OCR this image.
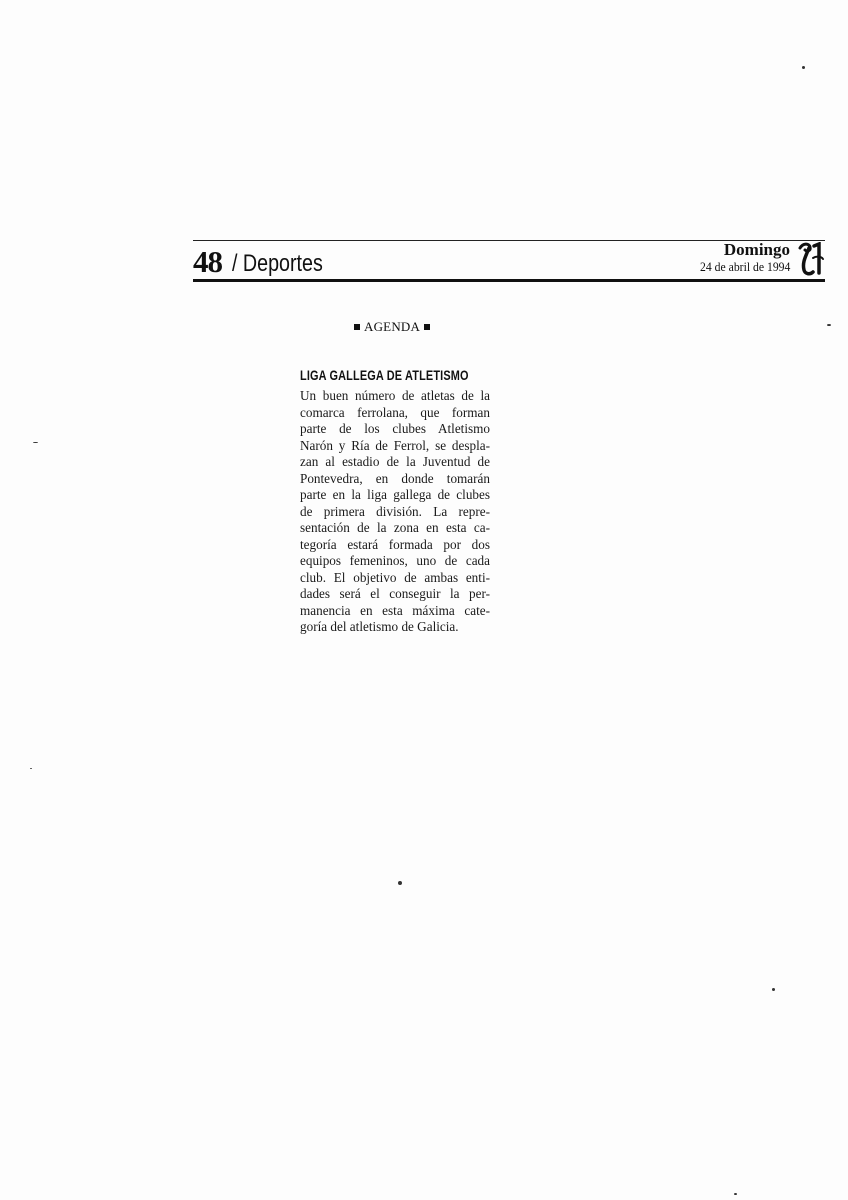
48 / Deportes
Domingo
24 de abril de 1994
AGENDA
LIGA GALLEGA DE ATLETISMO
Un buen número de atletas de la
comarca ferrolana, que forman
parte de los clubes Atletismo
Narón y Ría de Ferrol, se despla-
zan al estadio de la Juventud de
Pontevedra, en donde tomarán
parte en la liga gallega de clubes
de primera división. La repre-
sentación de la zona en esta ca-
tegoría estará formada por dos
equipos femeninos, uno de cada
club. El objetivo de ambas enti-
dades será el conseguir la per-
manencia en esta máxima cate-
goría del atletismo de Galicia.
